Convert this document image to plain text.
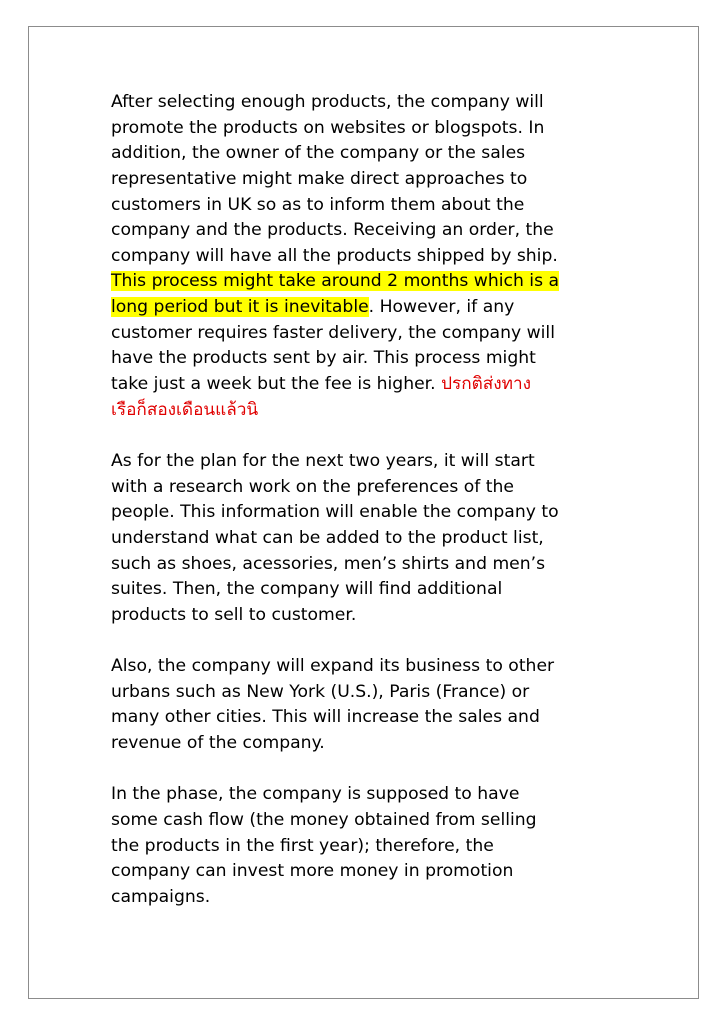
After selecting enough products, the company will
promote the products on websites or blogspots. In
addition, the owner of the company or the sales
representative might make direct approaches to
customers in UK so as to inform them about the
company and the products. Receiving an order, the
company will have all the products shipped by ship.
This process might take around 2 months which is a
long period but it is inevitable. However, if any
customer requires faster delivery, the company will
have the products sent by air. This process might
take just a week but the fee is higher. ปรกติส่งทาง
เรือก็สองเดือนแล้วนิ
As for the plan for the next two years, it will start
with a research work on the preferences of the
people. This information will enable the company to
understand what can be added to the product list,
such as shoes, acessories, men’s shirts and men’s
suites. Then, the company will find additional
products to sell to customer.
Also, the company will expand its business to other
urbans such as New York (U.S.), Paris (France) or
many other cities. This will increase the sales and
revenue of the company.
In the phase, the company is supposed to have
some cash flow (the money obtained from selling
the products in the first year); therefore, the
company can invest more money in promotion
campaigns.
